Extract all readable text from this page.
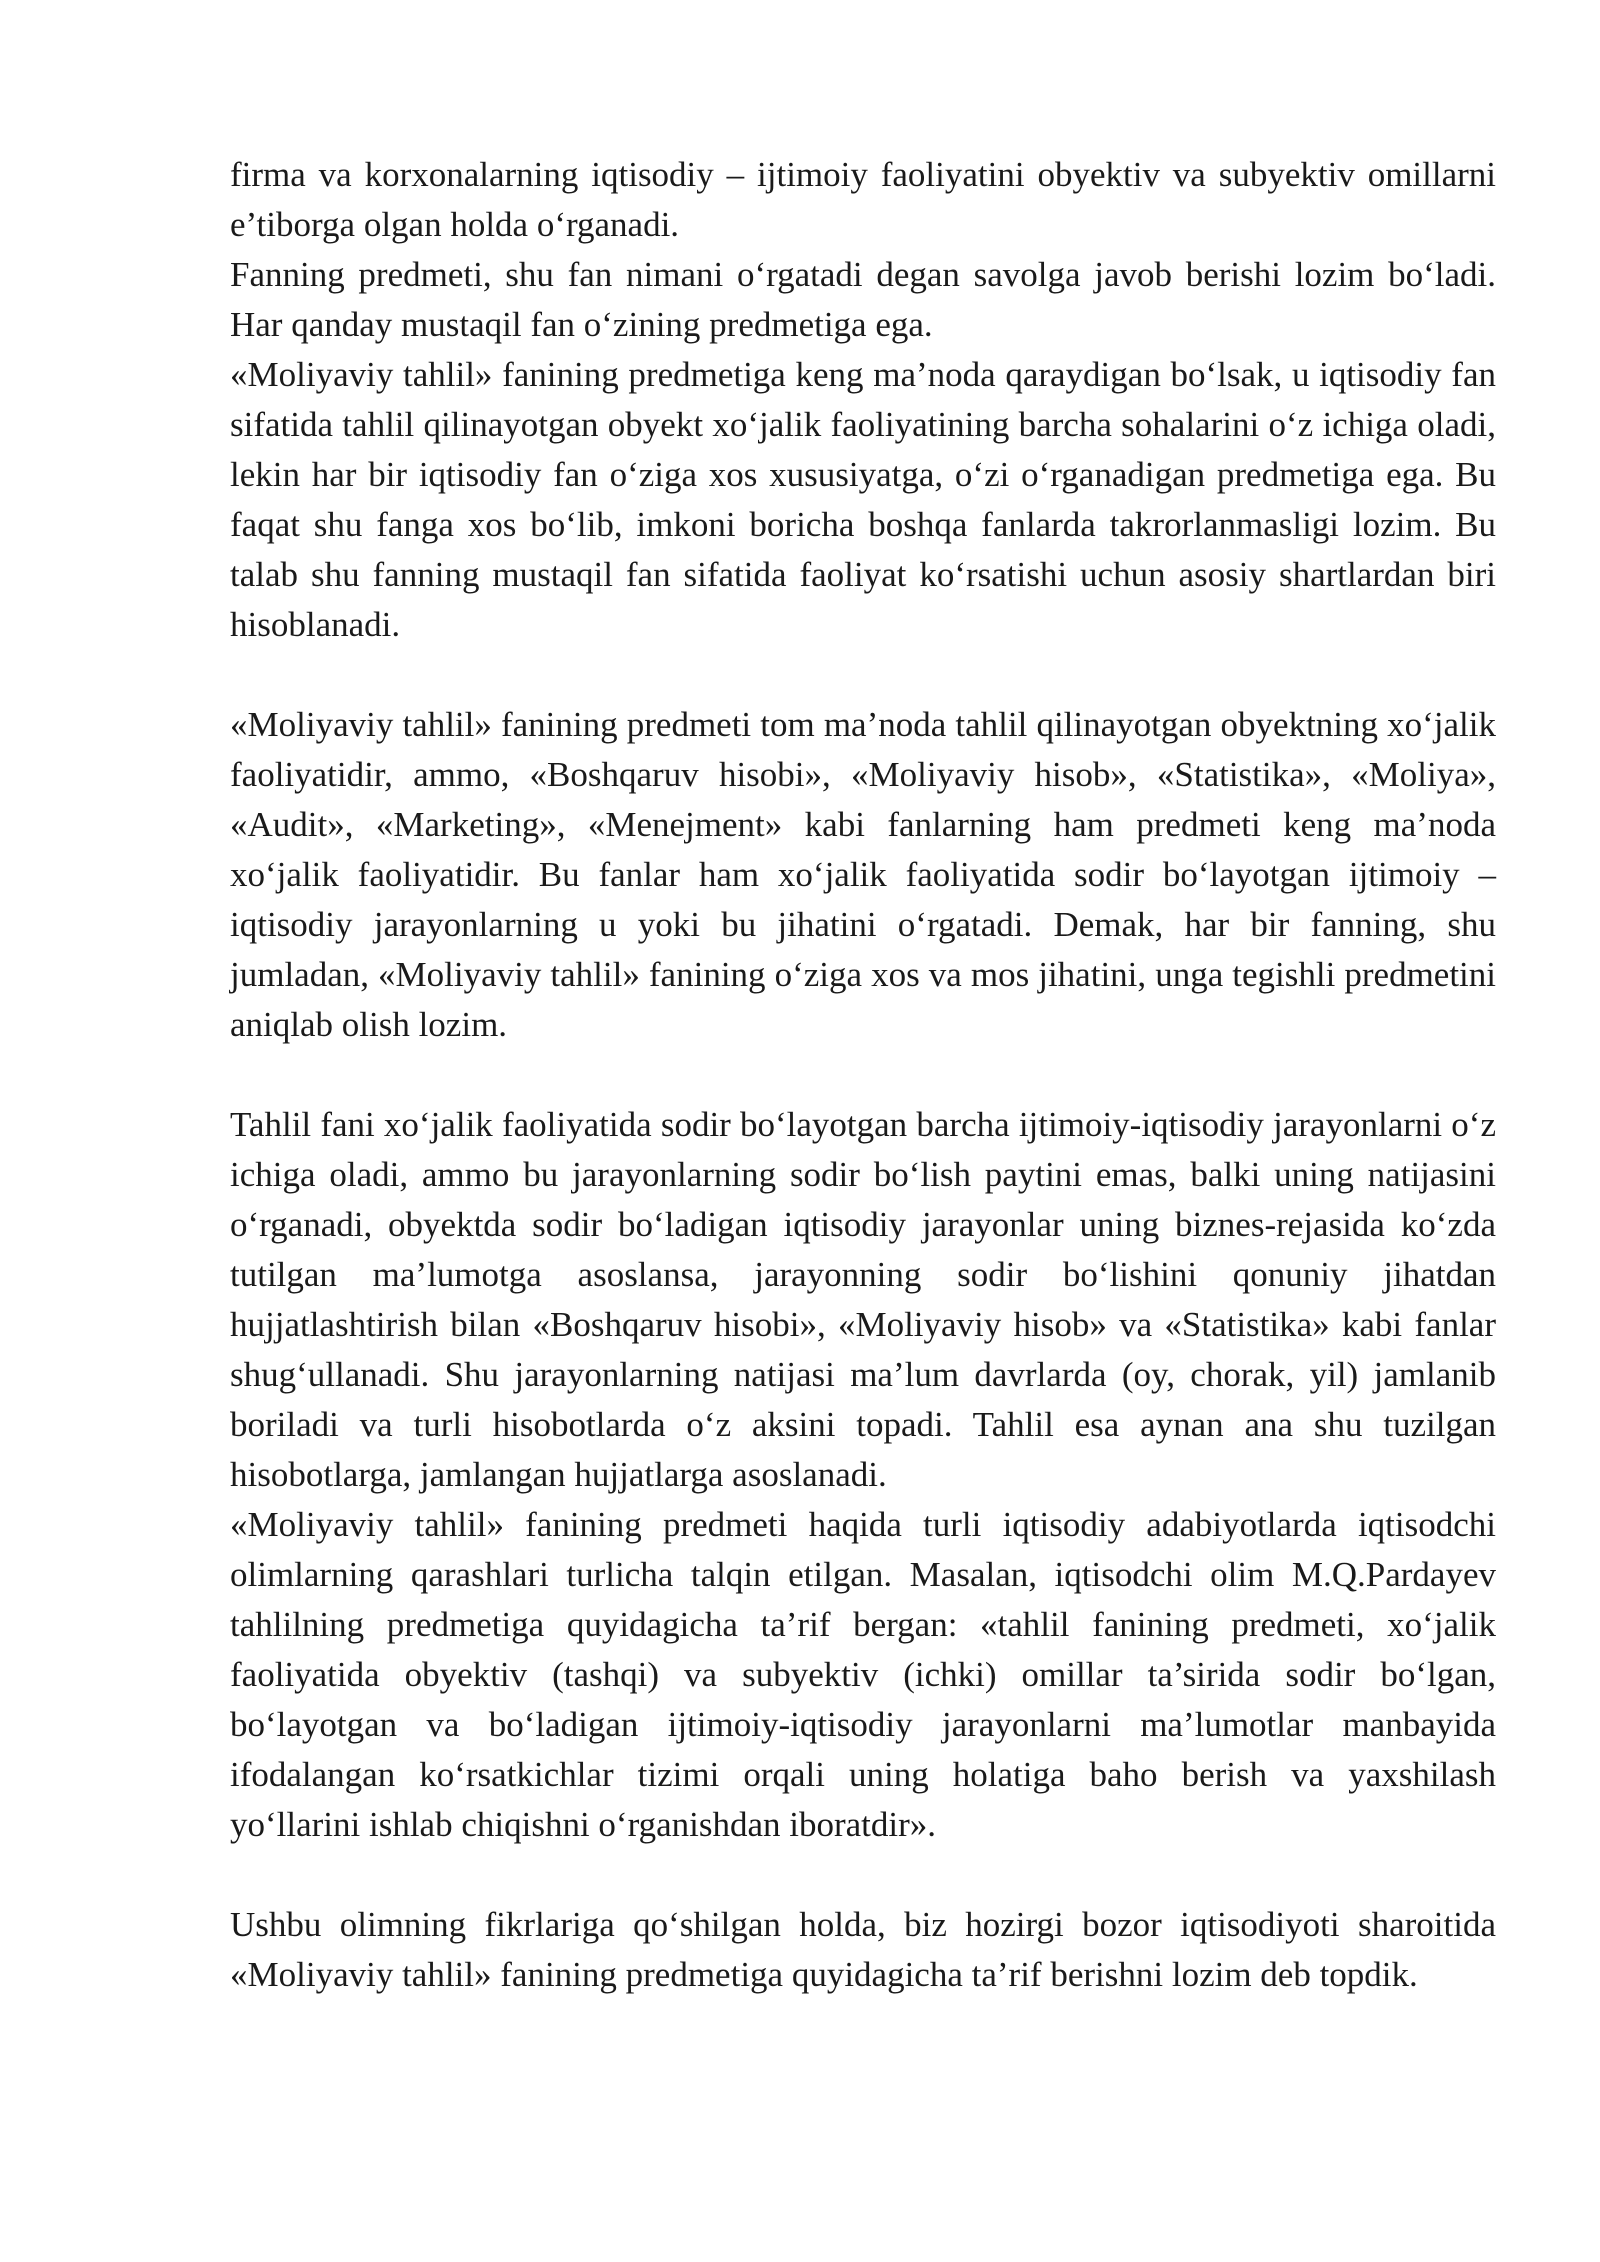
firma va korxonalarning iqtisodiy – ijtimoiy faoliyatini obyektiv va subyektiv omillarni e’tiborga olgan holda o‘rganadi.

Fanning predmeti, shu fan nimani o‘rgatadi degan savolga javob berishi lozim bo‘ladi. Har qanday mustaqil fan o‘zining predmetiga ega.

«Moliyaviy tahlil» fanining predmetiga keng ma’noda qaraydigan bo‘lsak, u iqtisodiy fan sifatida tahlil qilinayotgan obyekt xo‘jalik faoliyatining barcha sohalarini o‘z ichiga oladi, lekin har bir iqtisodiy fan o‘ziga xos xususiyatga, o‘zi o‘rganadigan predmetiga ega. Bu faqat shu fanga xos bo‘lib, imkoni boricha boshqa fanlarda takrorlanmasligi lozim. Bu talab shu fanning mustaqil fan sifatida faoliyat ko‘rsatishi uchun asosiy shartlardan biri hisoblanadi.

«Moliyaviy tahlil» fanining predmeti tom ma’noda tahlil qilinayotgan obyektning xo‘jalik faoliyatidir, ammo, «Boshqaruv hisobi», «Moliyaviy hisob», «Statistika», «Moliya», «Audit», «Marketing», «Menejment» kabi fanlarning ham predmeti keng ma’noda xo‘jalik faoliyatidir. Bu fanlar ham xo‘jalik faoliyatida sodir bo‘layotgan ijtimoiy – iqtisodiy jarayonlarning u yoki bu jihatini o‘rgatadi. Demak, har bir fanning, shu jumladan, «Moliyaviy tahlil» fanining o‘ziga xos va mos jihatini, unga tegishli predmetini aniqlab olish lozim.

Tahlil fani xo‘jalik faoliyatida sodir bo‘layotgan barcha ijtimoiy-iqtisodiy jarayonlarni o‘z ichiga oladi, ammo bu jarayonlarning sodir bo‘lish paytini emas, balki uning natijasini o‘rganadi, obyektda sodir bo‘ladigan iqtisodiy jarayonlar uning biznes-rejasida ko‘zda tutilgan ma’lumotga asoslansa, jarayonning sodir bo‘lishini qonuniy jihatdan hujjatlashtirish bilan «Boshqaruv hisobi», «Moliyaviy hisob» va «Statistika» kabi fanlar shug‘ullanadi. Shu jarayonlarning natijasi ma’lum davrlarda (oy, chorak, yil) jamlanib boriladi va turli hisobotlarda o‘z aksini topadi. Tahlil esa aynan ana shu tuzilgan hisobotlarga, jamlangan hujjatlarga asoslanadi.

«Moliyaviy tahlil» fanining predmeti haqida turli iqtisodiy adabiyotlarda iqtisodchi olimlarning qarashlari turlicha talqin etilgan. Masalan, iqtisodchi olim M.Q.Pardayev tahlilning predmetiga quyidagicha ta’rif bergan: «tahlil fanining predmeti, xo‘jalik faoliyatida obyektiv (tashqi) va subyektiv (ichki) omillar ta’sirida sodir bo‘lgan, bo‘layotgan va bo‘ladigan ijtimoiy-iqtisodiy jarayonlarni ma’lumotlar manbayida ifodalangan ko‘rsatkichlar tizimi orqali uning holatiga baho berish va yaxshilash yo‘llarini ishlab chiqishni o‘rganishdan iboratdir».

Ushbu olimning fikrlariga qo‘shilgan holda, biz hozirgi bozor iqtisodiyoti sharoitida «Moliyaviy tahlil» fanining predmetiga quyidagicha ta’rif berishni lozim deb topdik.
